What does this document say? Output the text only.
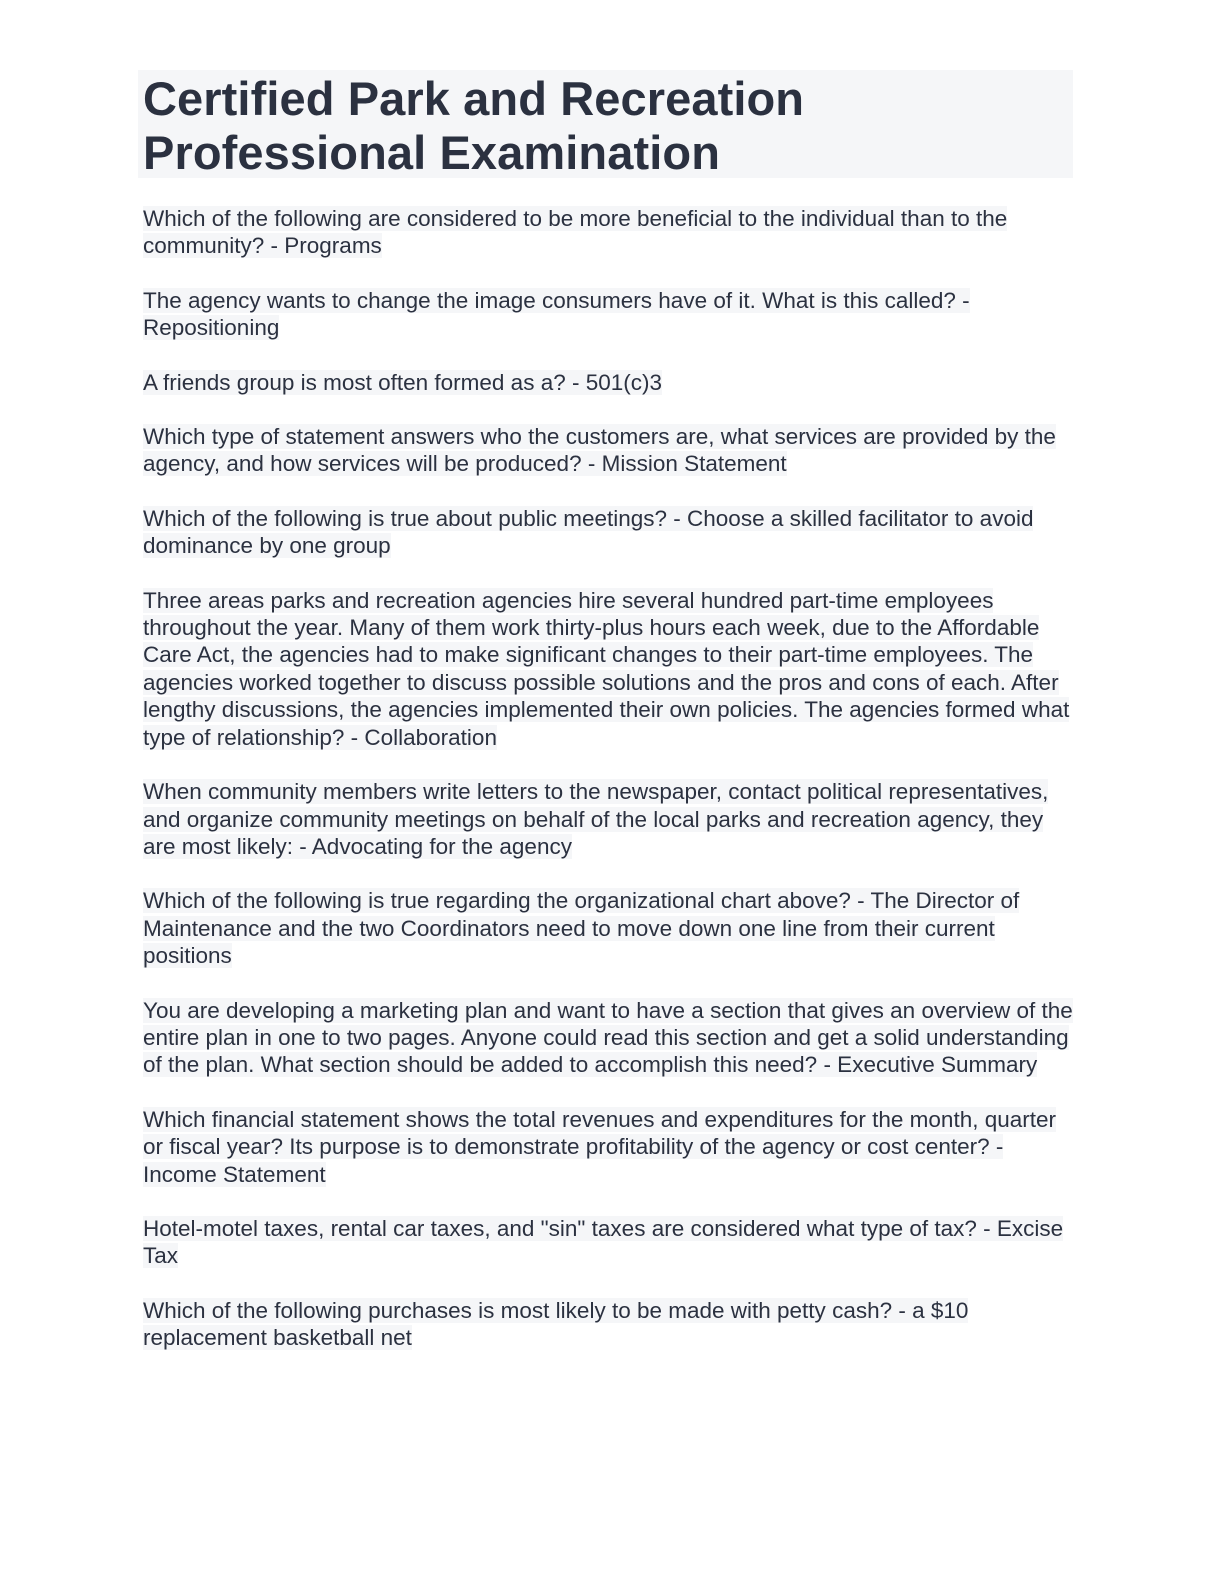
Certified Park and Recreation Professional Examination

Which of the following are considered to be more beneficial to the individual than to the community? - Programs

The agency wants to change the image consumers have of it. What is this called? - Repositioning

A friends group is most often formed as a? - 501(c)3

Which type of statement answers who the customers are, what services are provided by the agency, and how services will be produced? - Mission Statement

Which of the following is true about public meetings? - Choose a skilled facilitator to avoid dominance by one group

Three areas parks and recreation agencies hire several hundred part-time employees throughout the year. Many of them work thirty-plus hours each week, due to the Affordable Care Act, the agencies had to make significant changes to their part-time employees. The agencies worked together to discuss possible solutions and the pros and cons of each. After lengthy discussions, the agencies implemented their own policies. The agencies formed what type of relationship? - Collaboration

When community members write letters to the newspaper, contact political representatives, and organize community meetings on behalf of the local parks and recreation agency, they are most likely: - Advocating for the agency

Which of the following is true regarding the organizational chart above? - The Director of Maintenance and the two Coordinators need to move down one line from their current positions

You are developing a marketing plan and want to have a section that gives an overview of the entire plan in one to two pages. Anyone could read this section and get a solid understanding of the plan. What section should be added to accomplish this need? - Executive Summary

Which financial statement shows the total revenues and expenditures for the month, quarter or fiscal year? Its purpose is to demonstrate profitability of the agency or cost center? - Income Statement

Hotel-motel taxes, rental car taxes, and "sin" taxes are considered what type of tax? - Excise Tax

Which of the following purchases is most likely to be made with petty cash? - a $10 replacement basketball net
